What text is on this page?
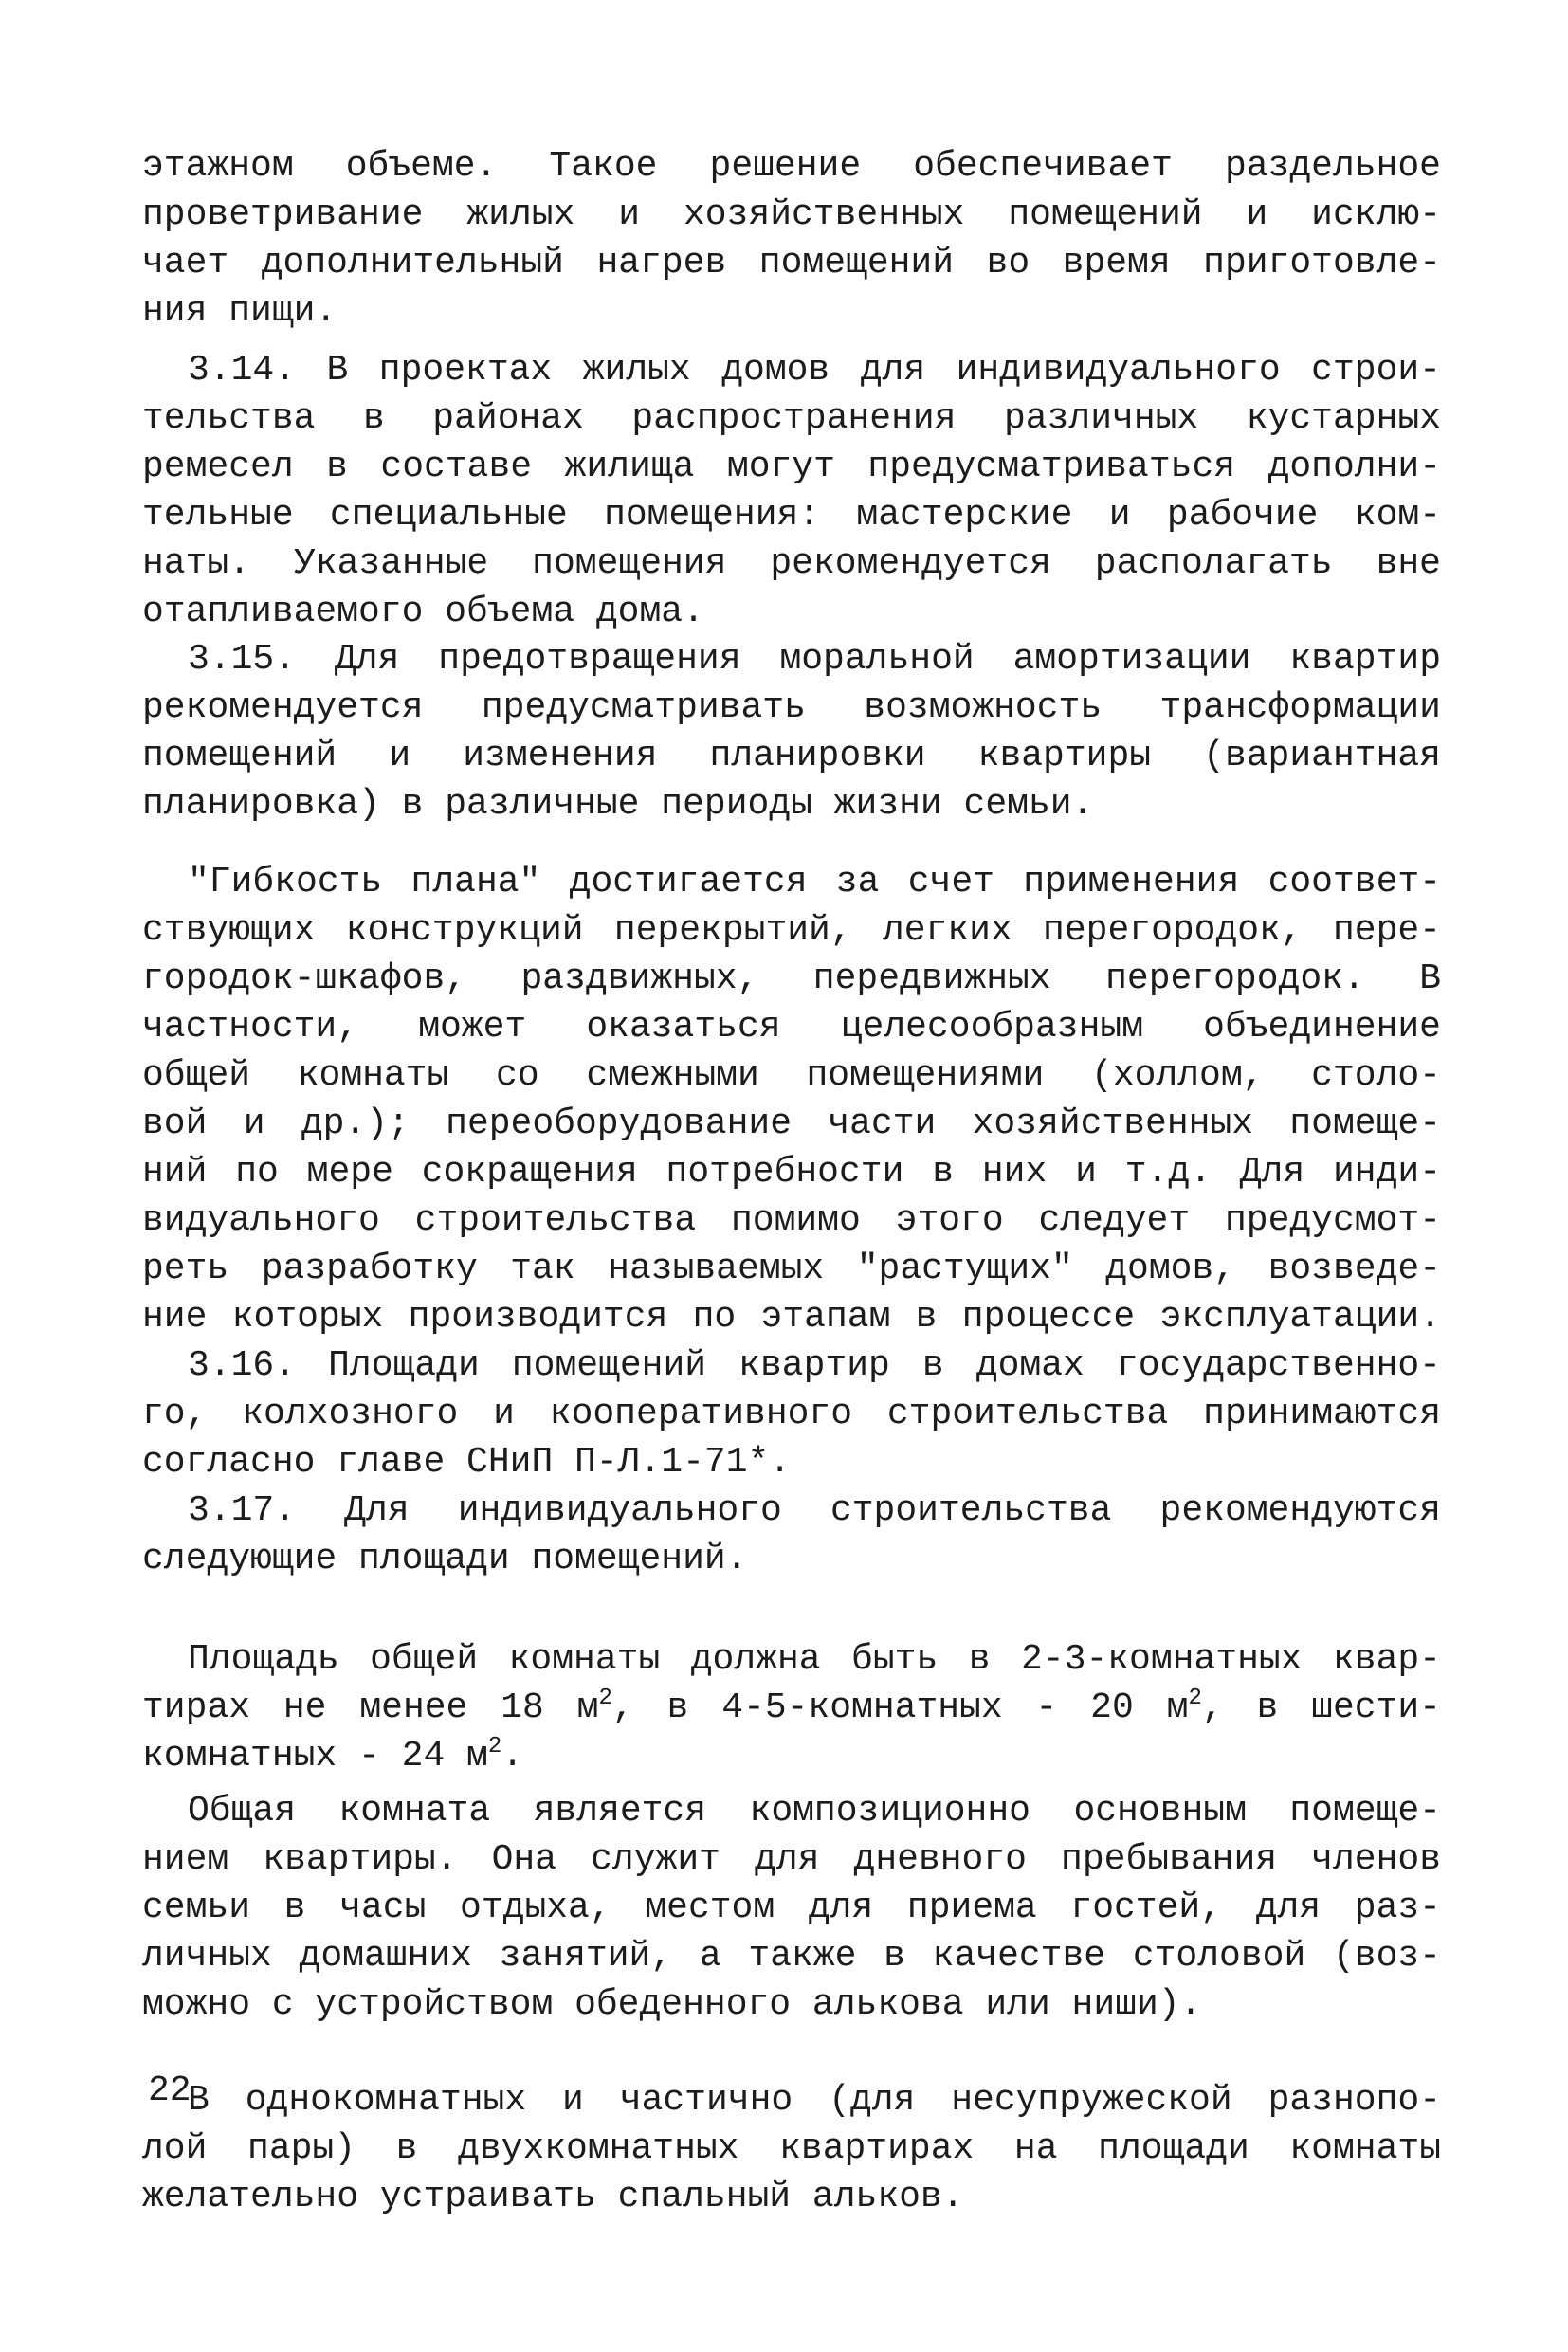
этажном объеме. Такое решение обеспечивает раздельное
проветривание жилых и хозяйственных помещений и исклю-
чает дополнительный нагрев помещений во время приготовле-
ния пищи.
3.14. В проектах жилых домов для индивидуального строи-
тельства в районах распространения различных кустарных
ремесел в составе жилища могут предусматриваться дополни-
тельные специальные помещения: мастерские и рабочие ком-
наты. Указанные помещения рекомендуется располагать вне
отапливаемого объема дома.
3.15. Для предотвращения моральной амортизации квартир
рекомендуется предусматривать возможность трансформации
помещений и изменения планировки квартиры (вариантная
планировка) в различные периоды жизни семьи.
"Гибкость плана" достигается за счет применения соответ-
ствующих конструкций перекрытий, легких перегородок, пере-
городок-шкафов, раздвижных, передвижных перегородок. В
частности, может оказаться целесообразным объединение
общей комнаты со смежными помещениями (холлом, столо-
вой и др.); переоборудование части хозяйственных помеще-
ний по мере сокращения потребности в них и т.д. Для инди-
видуального строительства помимо этого следует предусмот-
реть разработку так называемых "растущих" домов, возведе-
ние которых производится по этапам в процессе эксплуатации.
3.16. Площади помещений квартир в домах государственно-
го, колхозного и кооперативного строительства принимаются
согласно главе СНиП П-Л.1-71*.
3.17. Для индивидуального строительства рекомендуются
следующие площади помещений.
Площадь общей комнаты должна быть в 2-3-комнатных квар-
тирах не менее 18 $м^2$, в 4-5-комнатных - 20 $м^2$, в шести-
комнатных - 24 $м^2$.
Общая комната является композиционно основным помеще-
нием квартиры. Она служит для дневного пребывания членов
семьи в часы отдыха, местом для приема гостей, для раз-
личных домашних занятий, а также в качестве столовой (воз-
можно с устройством обеденного алькова или ниши).
В однокомнатных и частично (для несупружеской разнопо-
лой пары) в двухкомнатных квартирах на площади комнаты
желательно устраивать спальный альков.
22
